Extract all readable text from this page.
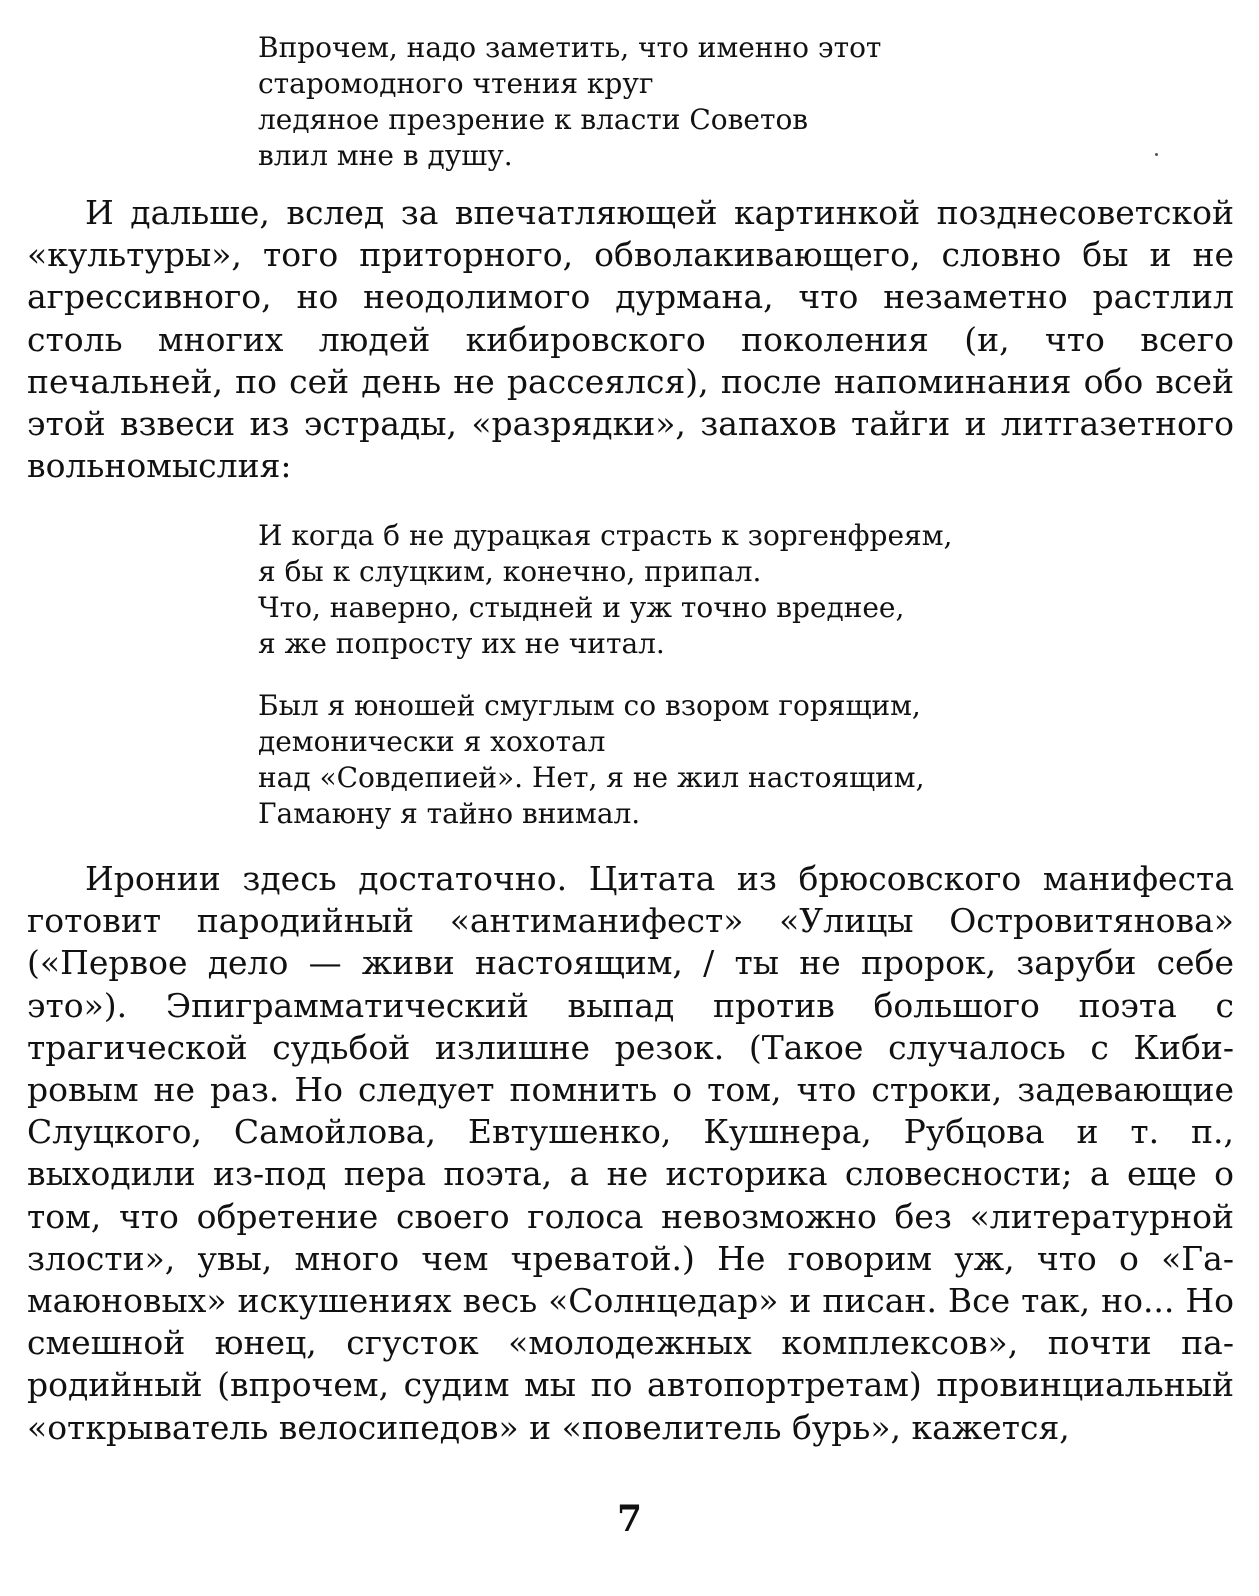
Впрочем, надо заметить, что именно этот
старомодного чтения круг
ледяное презрение к власти Советов
влил мне в душу.

И дальше, вслед за впечатляющей картинкой позднесоветской «культуры», того приторного, обволакивающего, словно бы и не агрессивного, но неодолимого дурмана, что незаметно растлил столь многих людей кибировского поколения (и, что всего печальней, по сей день не рассеялся), после напоминания обо всей этой взвеси из эстрады, «разрядки», запахов тайги и литгазетного вольномыслия:

И когда б не дурацкая страсть к зоргенфреям,
я бы к слуцким, конечно, припал.
Что, наверно, стыдней и уж точно вреднее,
я же попросту их не читал.
Был я юношей смуглым со взором горящим,
демонически я хохотал
над «Совдепией». Нет, я не жил настоящим,
Гамаюну я тайно внимал.

Иронии здесь достаточно. Цитата из брюсовского манифеста готовит пародийный «антиманифест» «Улицы Островитянова» («Первое дело — живи настоящим, / ты не пророк, заруби себе это»). Эпиграмматический выпад против большого поэта с трагической судьбой излишне резок. (Такое случалось с Кибировым не раз. Но следует помнить о том, что строки, задевающие Слуцкого, Самойлова, Евтушенко, Кушнера, Рубцова и т. п., выходили из-под пера поэта, а не историка словесности; а еще о том, что обретение своего голоса невозможно без «литературной злости», увы, много чем чреватой.) Не говорим уж, что о «Гамаюновых» искушениях весь «Солнцедар» и писан. Все так, но... Но смешной юнец, сгусток «молодежных комплексов», почти пародийный (впрочем, судим мы по автопортретам) провинциальный «открыватель велосипедов» и «повелитель бурь», кажется,

7
